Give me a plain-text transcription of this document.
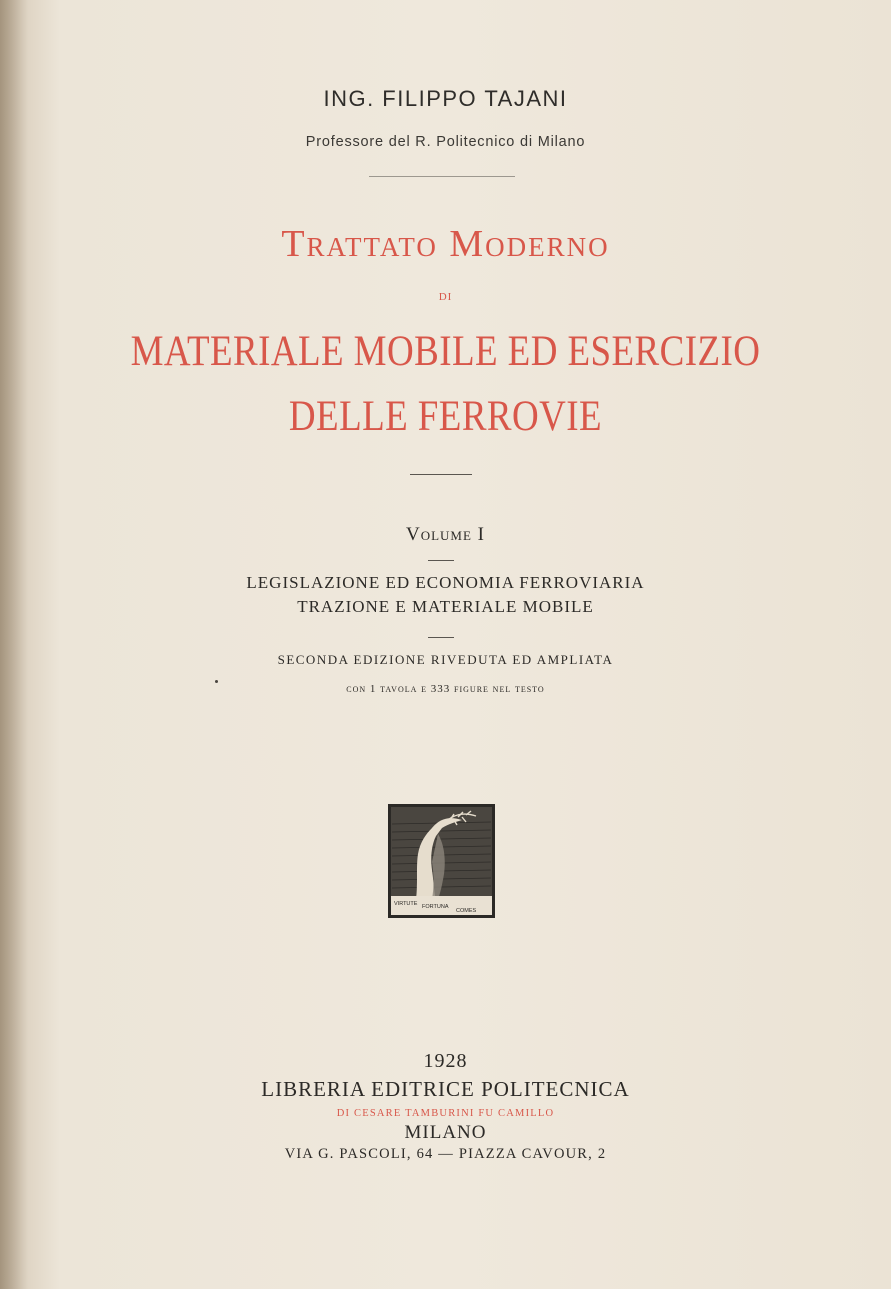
ING. FILIPPO TAJANI
Professore del R. Politecnico di Milano
Trattato Moderno
di
MATERIALE MOBILE ED ESERCIZIO
DELLE FERROVIE
Volume I
LEGISLAZIONE ED ECONOMIA FERROVIARIA
TRAZIONE E MATERIALE MOBILE
SECONDA EDIZIONE RIVEDUTA ED AMPLIATA
con 1 tavola e 333 figure nel testo
VIRTUTE FORTUNA
COMES
1928
LIBRERIA EDITRICE POLITECNICA
DI CESARE TAMBURINI FU CAMILLO
MILANO
VIA G. PASCOLI, 64 — PIAZZA CAVOUR, 2
